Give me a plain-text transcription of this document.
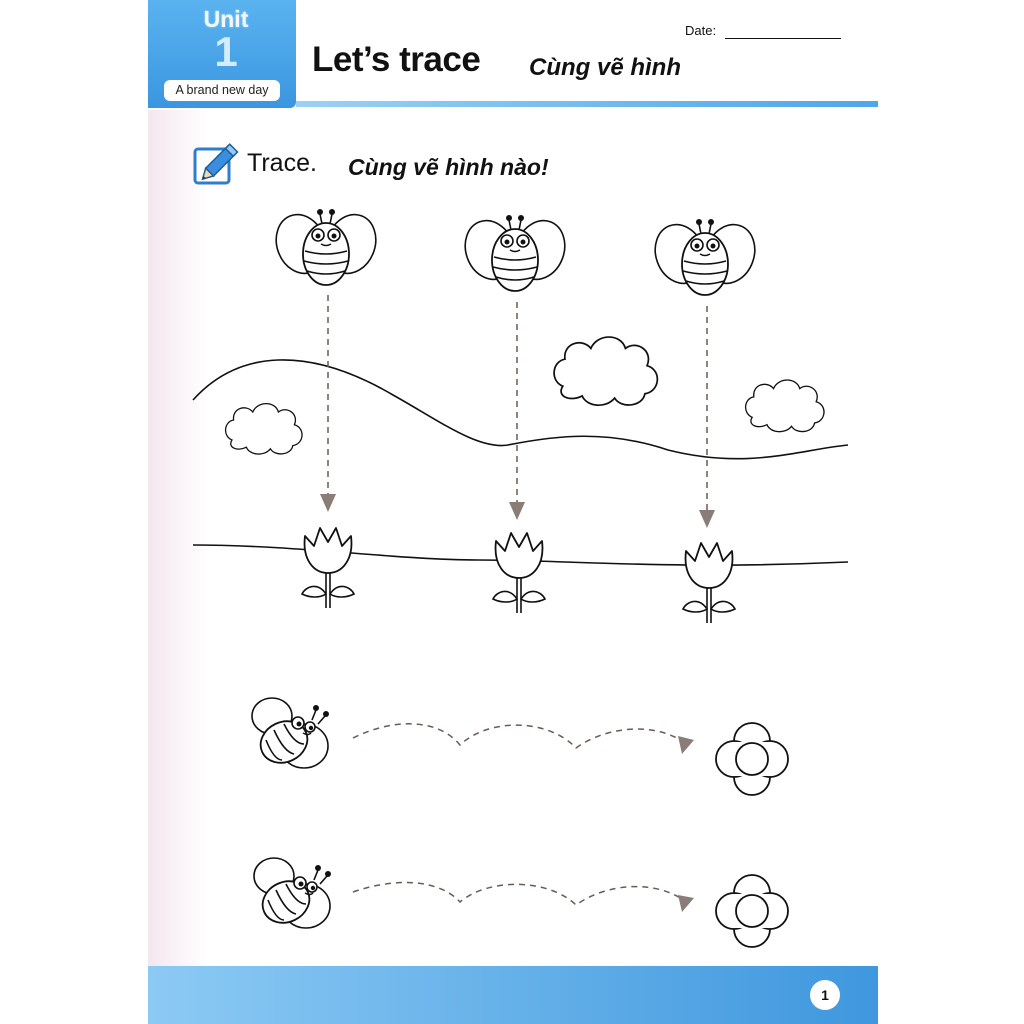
Unit
1
A brand new day
Let’s trace Cùng vẽ hình
Date:
Trace. Cùng vẽ hình nào!
1
